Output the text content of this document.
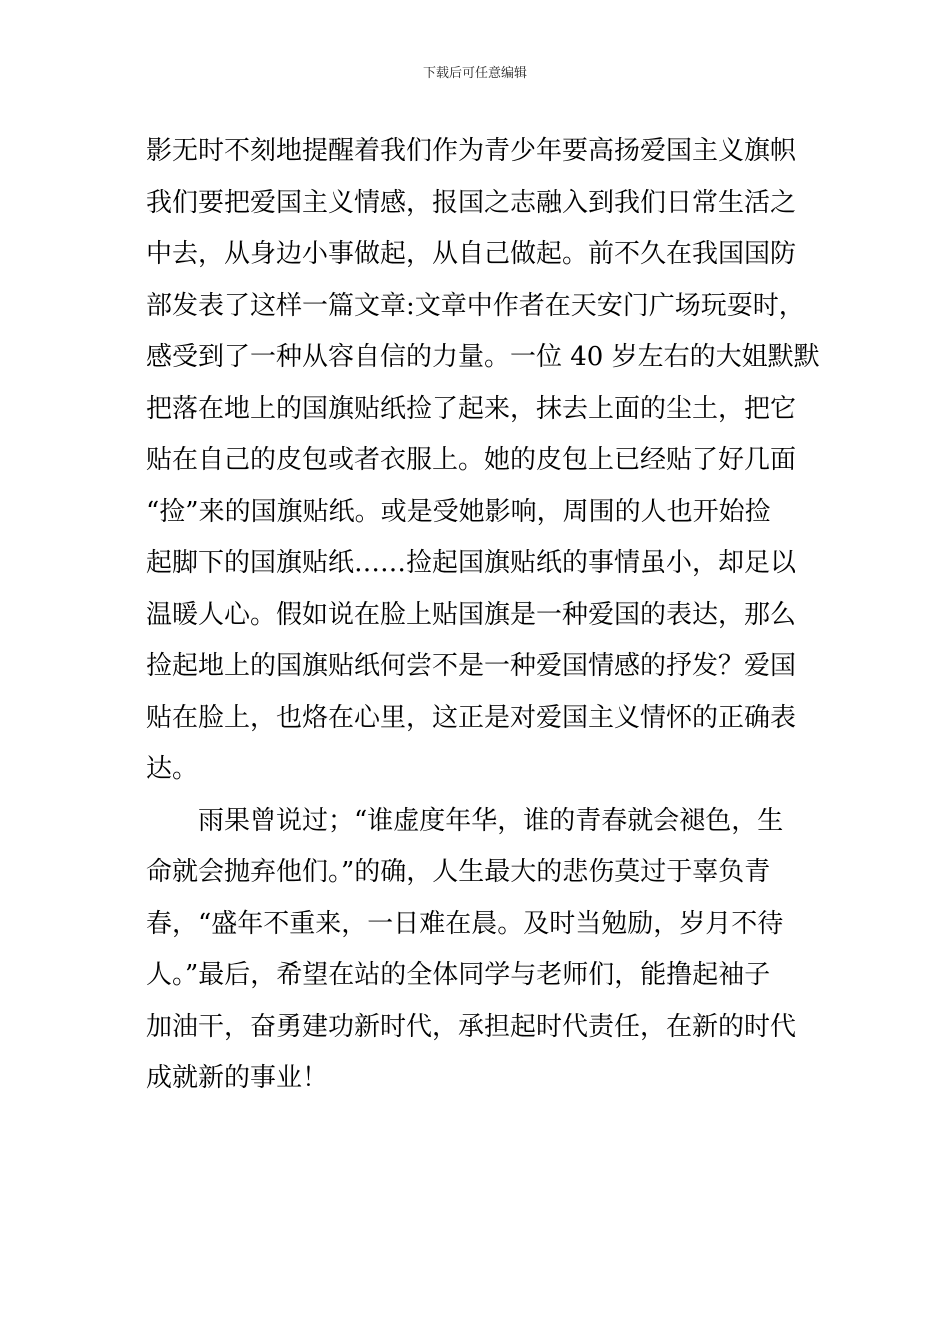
下载后可任意编辑
影无时不刻地提醒着我们作为青少年要高扬爱国主义旗帜
我们要把爱国主义情感，报国之志融入到我们日常生活之
中去，从身边小事做起，从自己做起。前不久在我国国防
部发表了这样一篇文章:文章中作者在天安门广场玩耍时，
感受到了一种从容自信的力量。一位 40 岁左右的大姐默默
把落在地上的国旗贴纸捡了起来，抹去上面的尘土，把它
贴在自己的皮包或者衣服上。她的皮包上已经贴了好几面
“捡”来的国旗贴纸。或是受她影响，周围的人也开始捡
起脚下的国旗贴纸……捡起国旗贴纸的事情虽小，却足以
温暖人心。假如说在脸上贴国旗是一种爱国的表达，那么
捡起地上的国旗贴纸何尝不是一种爱国情感的抒发？爱国
贴在脸上，也烙在心里，这正是对爱国主义情怀的正确表
达。
　　雨果曾说过；“谁虚度年华，谁的青春就会褪色，生
命就会抛弃他们。”的确，人生最大的悲伤莫过于辜负青
春，“盛年不重来，一日难在晨。及时当勉励，岁月不待
人。”最后，希望在站的全体同学与老师们，能撸起袖子
加油干，奋勇建功新时代，承担起时代责任，在新的时代
成就新的事业！
